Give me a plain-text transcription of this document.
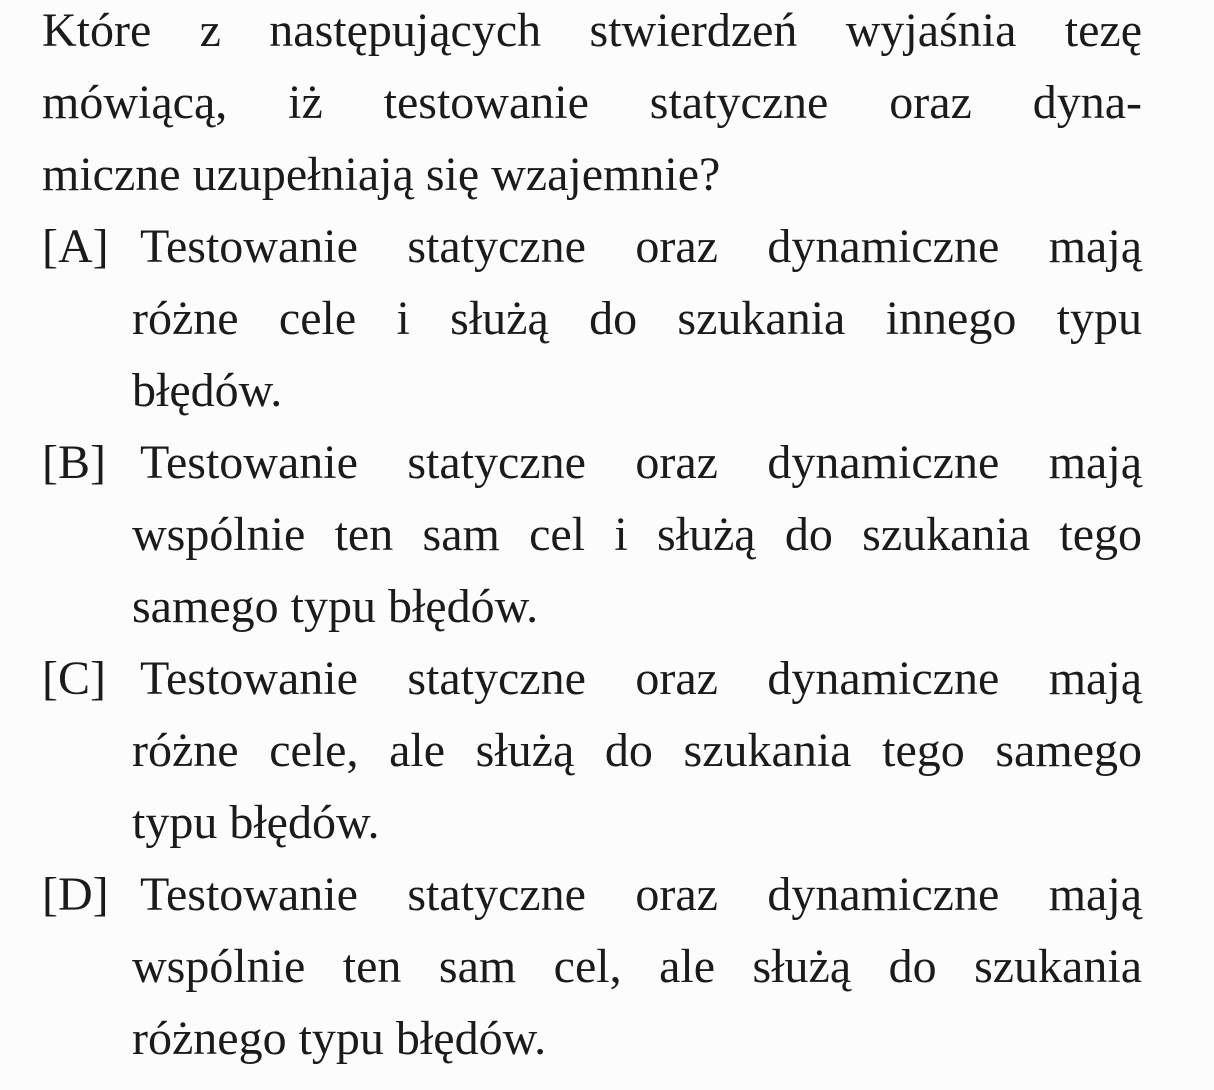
Które z następujących stwierdzeń wyjaśnia tezę
mówiącą, iż testowanie statyczne oraz dyna-
miczne uzupełniają się wzajemnie?
[A] Testowanie statyczne oraz dynamiczne mają
różne cele i służą do szukania innego typu
błędów.
[B] Testowanie statyczne oraz dynamiczne mają
wspólnie ten sam cel i służą do szukania tego
samego typu błędów.
[C] Testowanie statyczne oraz dynamiczne mają
różne cele, ale służą do szukania tego samego
typu błędów.
[D] Testowanie statyczne oraz dynamiczne mają
wspólnie ten sam cel, ale służą do szukania
różnego typu błędów.
